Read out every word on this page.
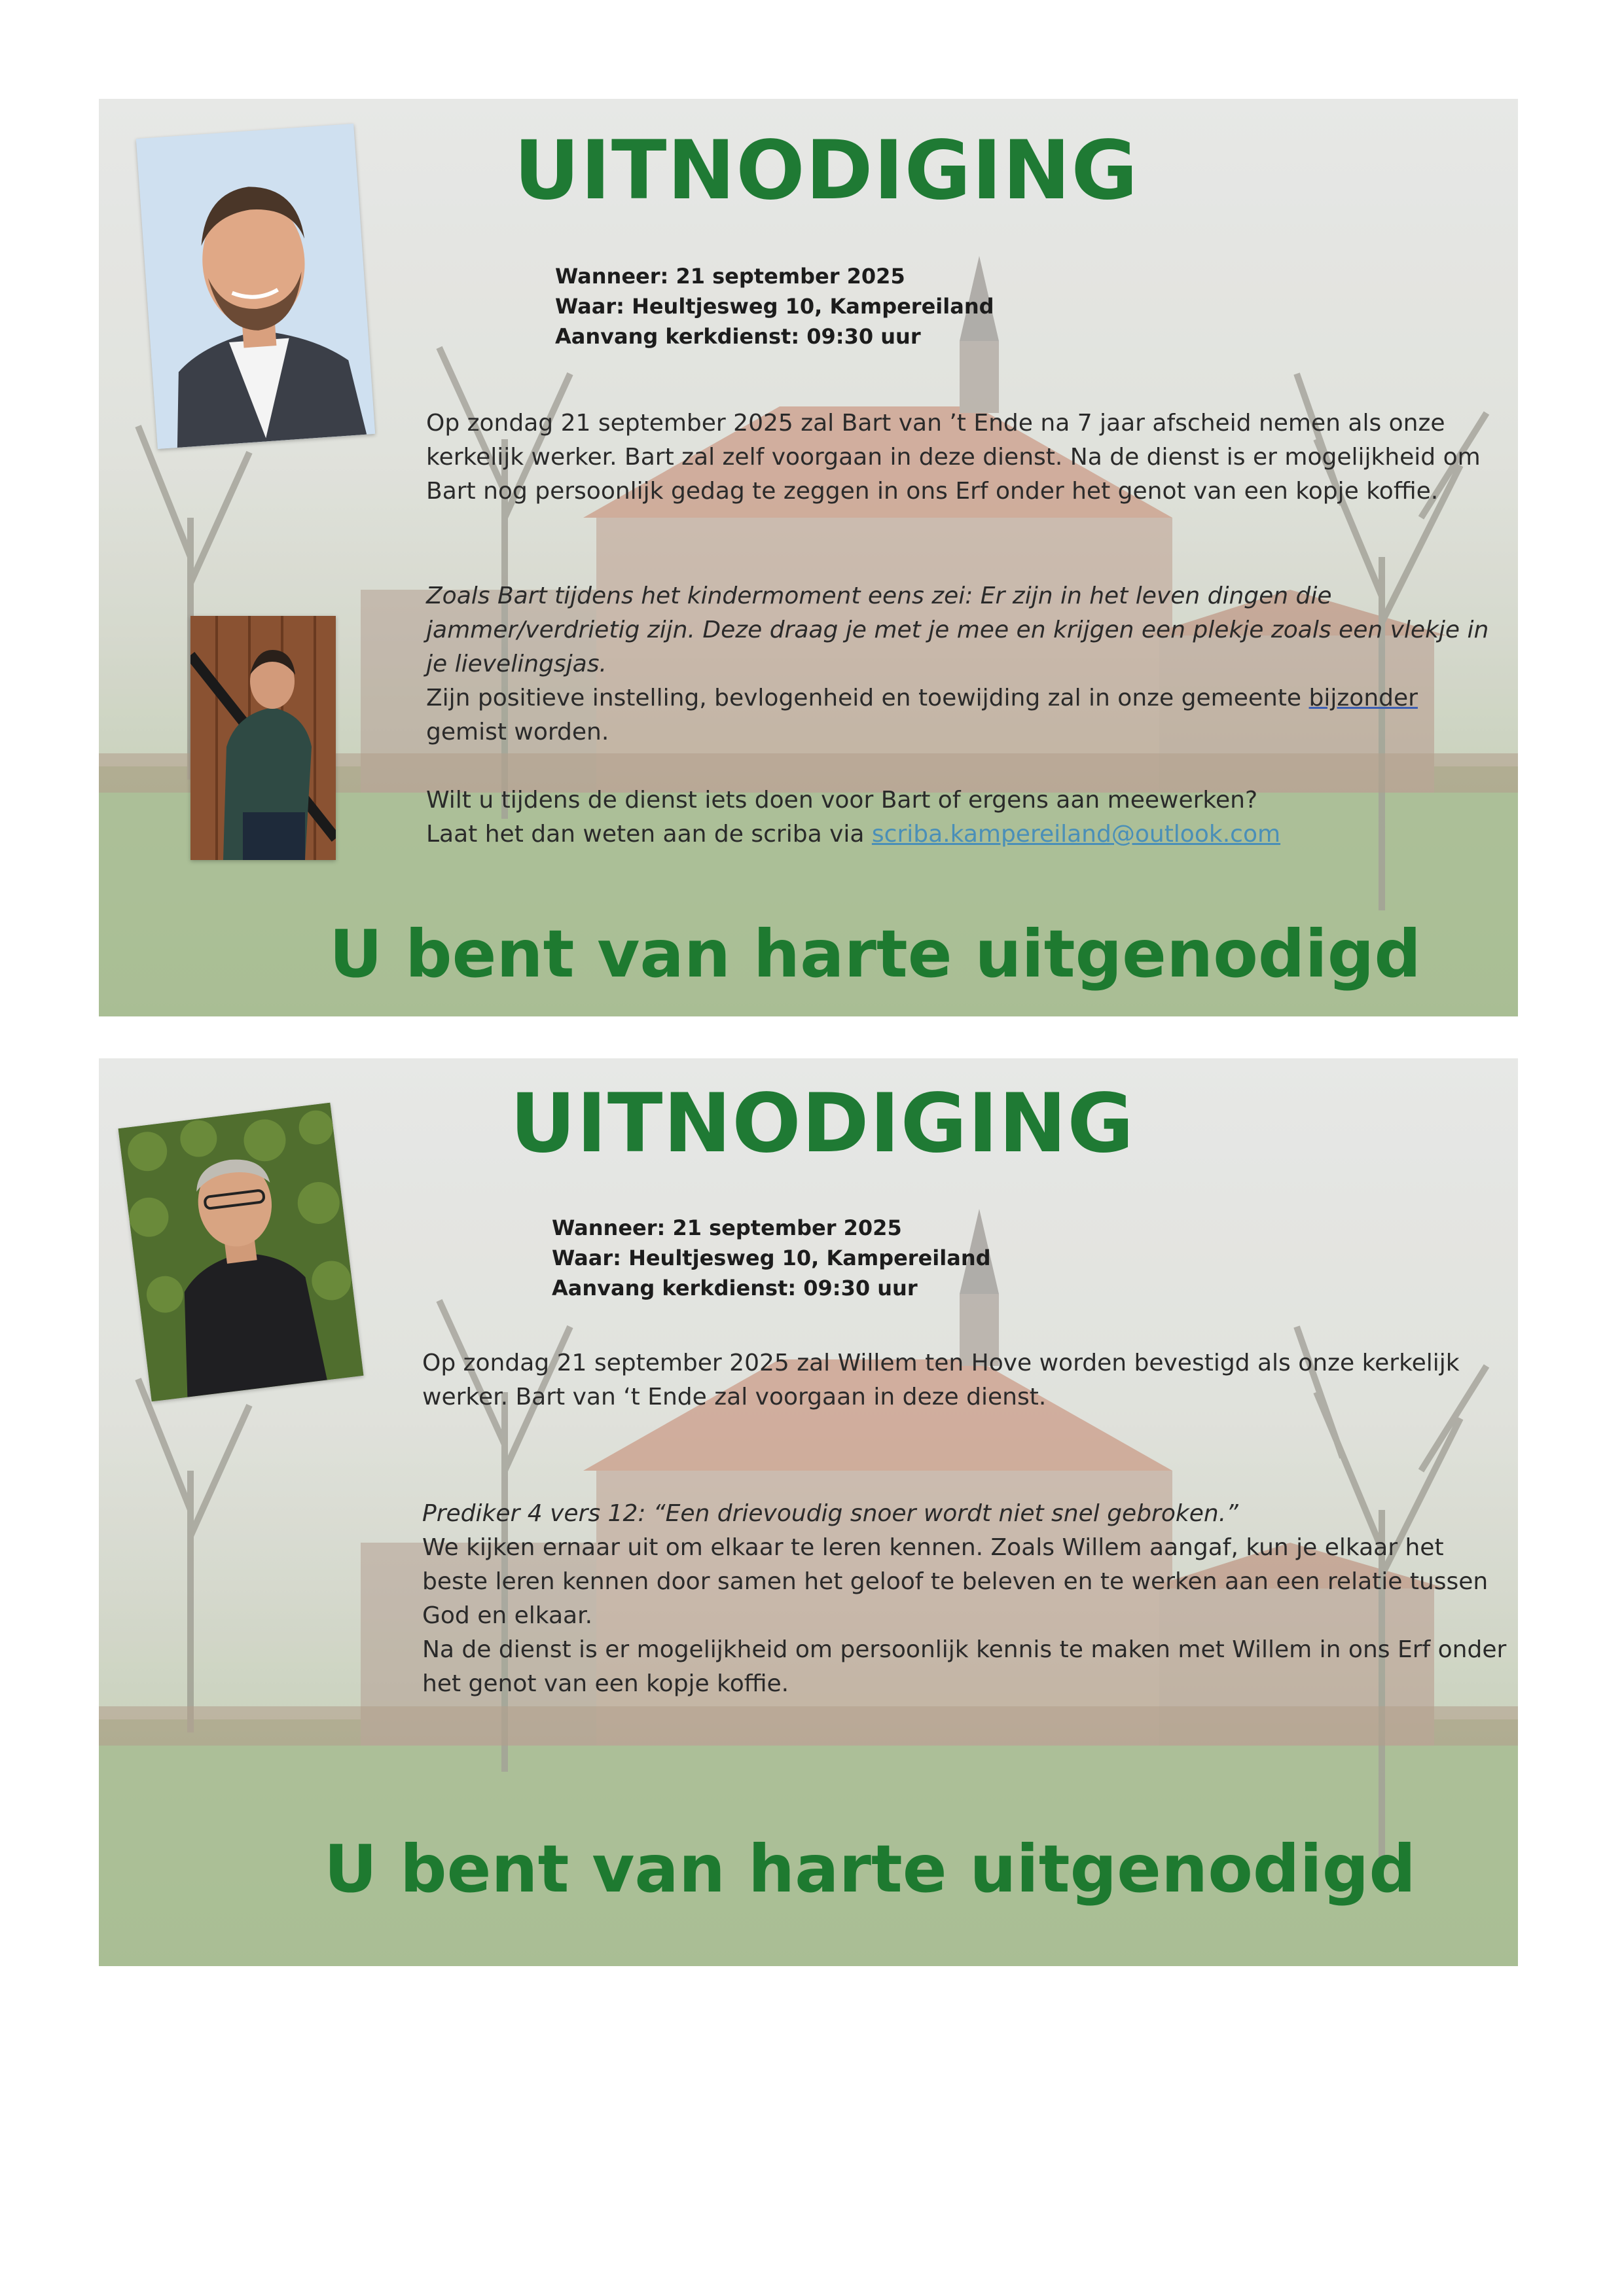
UITNODIGING
Wanneer: 21 september 2025
Waar: Heultjesweg 10, Kampereiland
Aanvang kerkdienst: 09:30 uur

Op zondag 21 september 2025 zal Bart van ’t Ende na 7 jaar afscheid nemen als onze kerkelijk werker. Bart zal zelf voorgaan in deze dienst. Na de dienst is er mogelijkheid om Bart nog persoonlijk gedag te zeggen in ons Erf onder het genot van een kopje koffie.

Zoals Bart tijdens het kindermoment eens zei: Er zijn in het leven dingen die jammer/verdrietig zijn. Deze draag je met je mee en krijgen een plekje zoals een vlekje in je lievelingsjas.

Zijn positieve instelling, bevlogenheid en toewijding zal in onze gemeente bijzonder gemist worden.

Wilt u tijdens de dienst iets doen voor Bart of ergens aan meewerken?

Laat het dan weten aan de scriba via scriba.kampereiland@outlook.com

U bent van harte uitgenodigd
UITNODIGING
Wanneer: 21 september 2025
Waar: Heultjesweg 10, Kampereiland
Aanvang kerkdienst: 09:30 uur

Op zondag 21 september 2025 zal Willem ten Hove worden bevestigd als onze kerkelijk werker. Bart van ‘t Ende zal voorgaan in deze dienst.

Prediker 4 vers 12: “Een drievoudig snoer wordt niet snel gebroken.”

We kijken ernaar uit om elkaar te leren kennen. Zoals Willem aangaf, kun je elkaar het beste leren kennen door samen het geloof te beleven en te werken aan een relatie tussen God en elkaar.

Na de dienst is er mogelijkheid om persoonlijk kennis te maken met Willem in ons Erf onder het genot van een kopje koffie.

U bent van harte uitgenodigd
